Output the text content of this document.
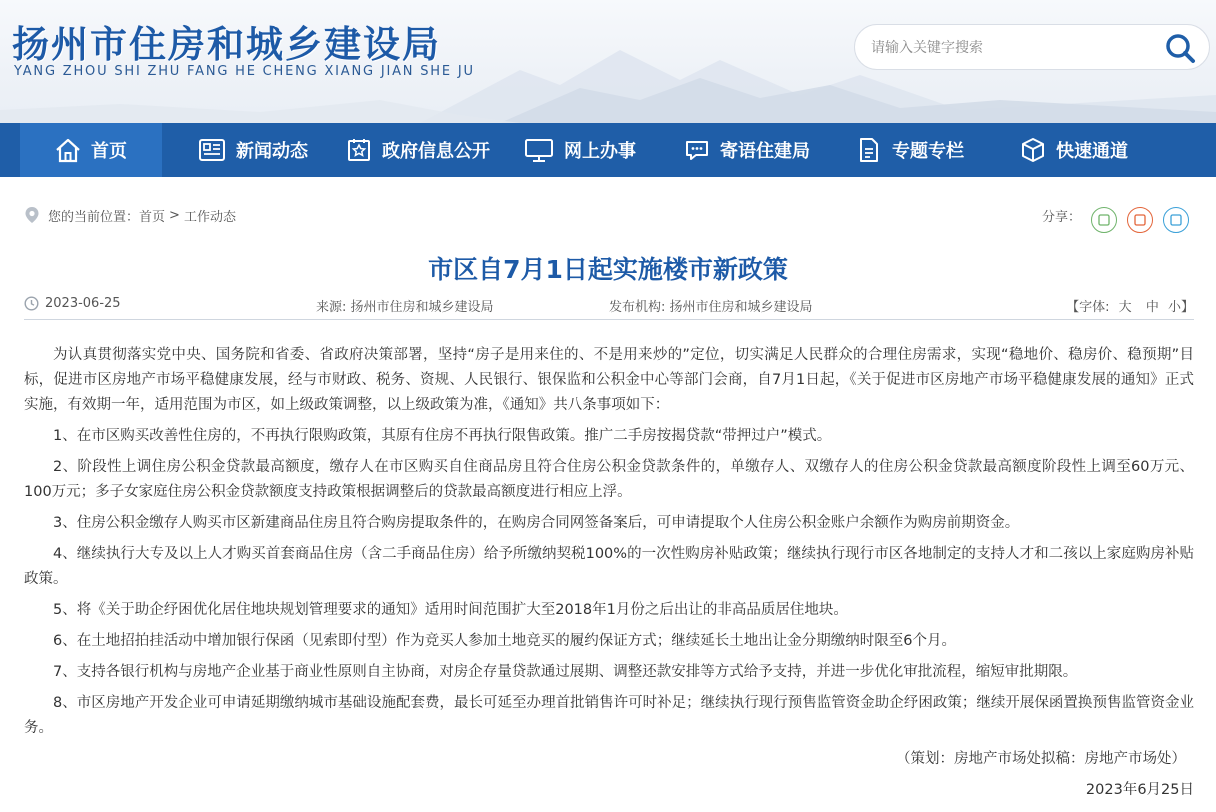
扬州市住房和城乡建设局
YANG ZHOU SHI ZHU FANG HE CHENG XIANG JIAN SHE JU
请输入关键字搜索
首页	新闻动态	政府信息公开	网上办事	寄语住建局	专题专栏	快速通道
您的当前位置： 首页 > 工作动态	分享：
市区自7月1日起实施楼市新政策
2023-06-25	来源: 扬州市住房和城乡建设局	发布机构: 扬州市住房和城乡建设局	【字体: 大 中 小】

为认真贯彻落实党中央、国务院和省委、省政府决策部署，坚持“房子是用来住的、不是用来炒的”定位，切实满足人民群众的合理住房需求，实现“稳地价、稳房价、稳预期”目标，促进市区房地产市场平稳健康发展，经与市财政、税务、资规、人民银行、银保监和公积金中心等部门会商，自7月1日起，《关于促进市区房地产市场平稳健康发展的通知》正式实施，有效期一年，适用范围为市区，如上级政策调整，以上级政策为准，《通知》共八条事项如下：

1、在市区购买改善性住房的，不再执行限购政策，其原有住房不再执行限售政策。推广二手房按揭贷款“带押过户”模式。

2、阶段性上调住房公积金贷款最高额度，缴存人在市区购买自住商品房且符合住房公积金贷款条件的，单缴存人、双缴存人的住房公积金贷款最高额度阶段性上调至60万元、100万元；多子女家庭住房公积金贷款额度支持政策根据调整后的贷款最高额度进行相应上浮。

3、住房公积金缴存人购买市区新建商品住房且符合购房提取条件的，在购房合同网签备案后，可申请提取个人住房公积金账户余额作为购房前期资金。

4、继续执行大专及以上人才购买首套商品住房（含二手商品住房）给予所缴纳契税100%的一次性购房补贴政策；继续执行现行市区各地制定的支持人才和二孩以上家庭购房补贴政策。

5、将《关于助企纾困优化居住地块规划管理要求的通知》适用时间范围扩大至2018年1月份之后出让的非高品质居住地块。

6、在土地招拍挂活动中增加银行保函（见索即付型）作为竞买人参加土地竞买的履约保证方式；继续延长土地出让金分期缴纳时限至6个月。

7、支持各银行机构与房地产企业基于商业性原则自主协商，对房企存量贷款通过展期、调整还款安排等方式给予支持，并进一步优化审批流程，缩短审批期限。

8、市区房地产开发企业可申请延期缴纳城市基础设施配套费，最长可延至办理首批销售许可时补足；继续执行现行预售监管资金助企纾困政策；继续开展保函置换预售监管资金业务。

（策划：房地产市场处拟稿：房地产市场处）

2023年6月25日
